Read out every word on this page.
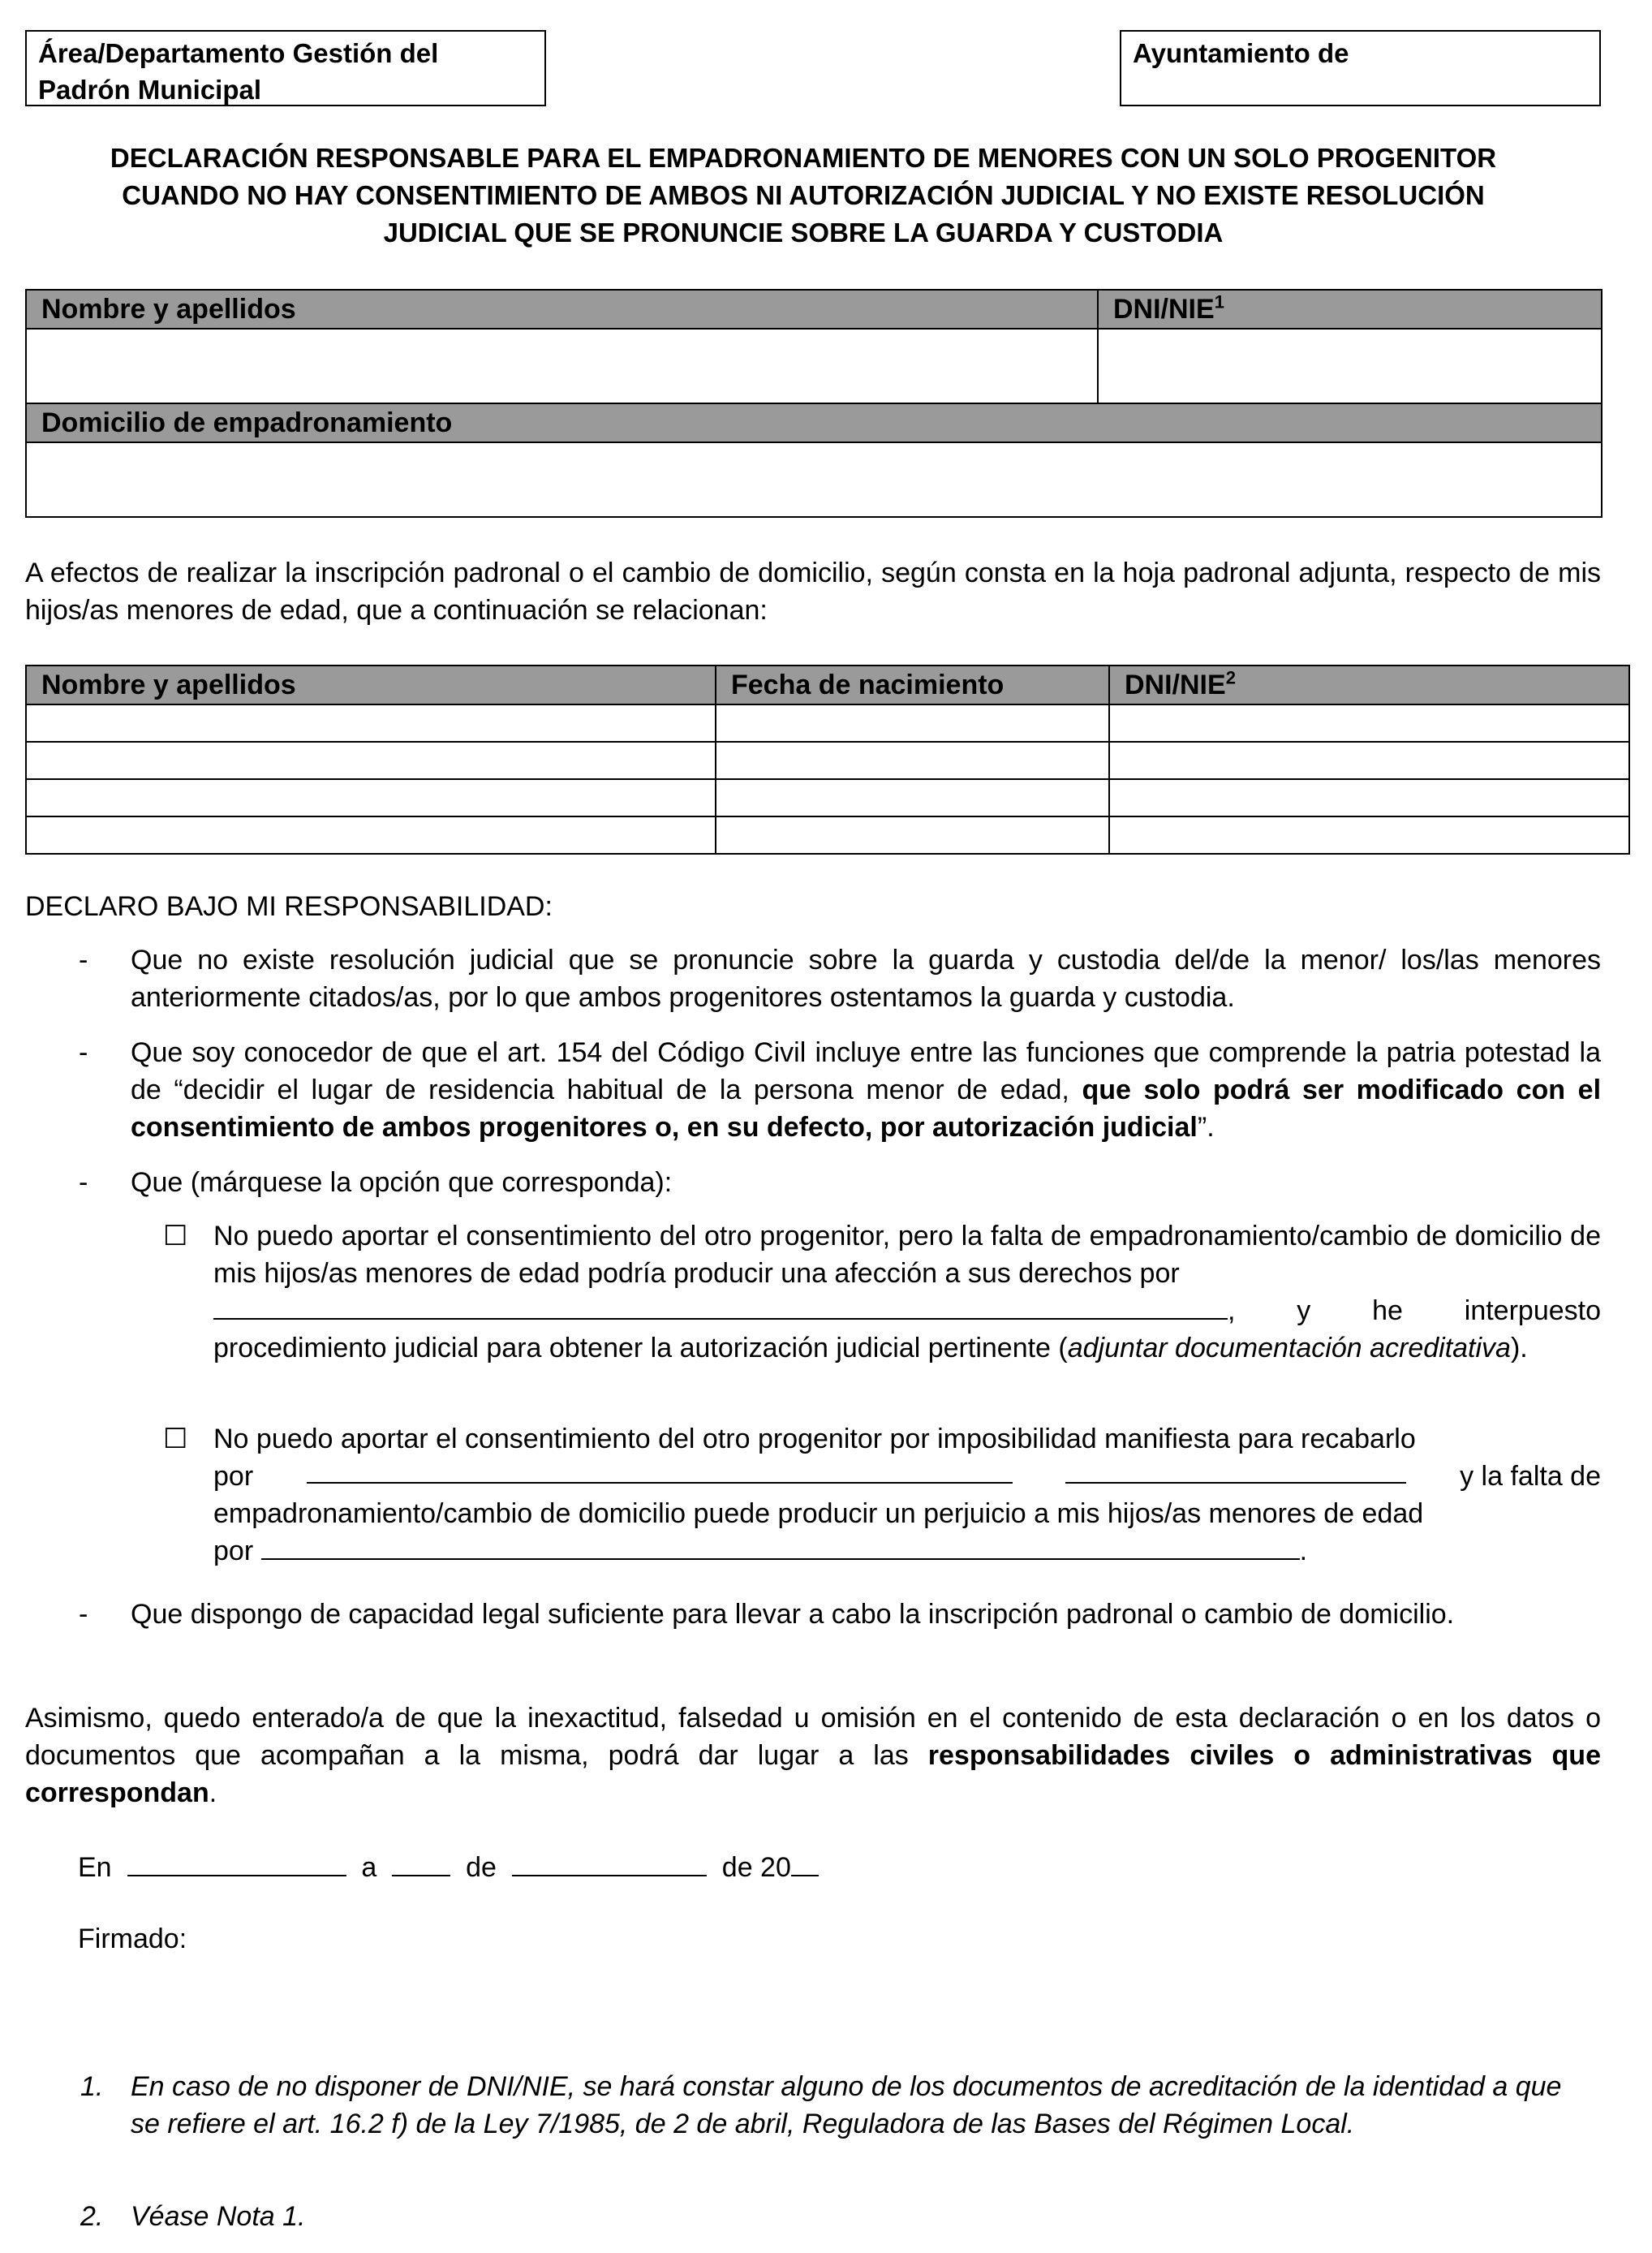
Área/Departamento Gestión del Padrón Municipal
Ayuntamiento de
DECLARACIÓN RESPONSABLE PARA EL EMPADRONAMIENTO DE MENORES CON UN SOLO PROGENITOR
CUANDO NO HAY CONSENTIMIENTO DE AMBOS NI AUTORIZACIÓN JUDICIAL Y NO EXISTE RESOLUCIÓN
JUDICIAL QUE SE PRONUNCIE SOBRE LA GUARDA Y CUSTODIA
Nombre y apellidos	DNI/NIE$^1$

Domicilio de empadronamiento	

A efectos de realizar la inscripción padronal o el cambio de domicilio, según consta en la hoja padronal adjunta, respecto de mis hijos/as menores de edad, que a continuación se relacionan:
Nombre y apellidos	Fecha de nacimiento	DNI/NIE$^2$

DECLARO BAJO MI RESPONSABILIDAD:
- Que no existe resolución judicial que se pronuncie sobre la guarda y custodia del/de la menor/ los/las menores anteriormente citados/as, por lo que ambos progenitores ostentamos la guarda y custodia.
- Que soy conocedor de que el art. 154 del Código Civil incluye entre las funciones que comprende la patria potestad la de “decidir el lugar de residencia habitual de la persona menor de edad, que solo podrá ser modificado con el consentimiento de ambos progenitores o, en su defecto, por autorización judicial”.
- Que (márquese la opción que corresponda):
☐ No puedo aportar el consentimiento del otro progenitor, pero la falta de empadronamiento/cambio de domicilio de mis hijos/as menores de edad podría producir una afección a sus derechos por
, y he interpuesto
procedimiento judicial para obtener la autorización judicial pertinente (adjuntar documentación acreditativa).
☐ No puedo aportar el consentimiento del otro progenitor por imposibilidad manifiesta para recabarlo
por	y la falta de
empadronamiento/cambio de domicilio puede producir un perjuicio a mis hijos/as menores de edad
por	.
- Que dispongo de capacidad legal suficiente para llevar a cabo la inscripción padronal o cambio de domicilio.
Asimismo, quedo enterado/a de que la inexactitud, falsedad u omisión en el contenido de esta declaración o en los datos o documentos que acompañan a la misma, podrá dar lugar a las responsabilidades civiles o administrativas que correspondan.
En	a	de	de 20
Firmado:
1. En caso de no disponer de DNI/NIE, se hará constar alguno de los documentos de acreditación de la identidad a que se refiere el art. 16.2 f) de la Ley 7/1985, de 2 de abril, Reguladora de las Bases del Régimen Local.
2. Véase Nota 1.
